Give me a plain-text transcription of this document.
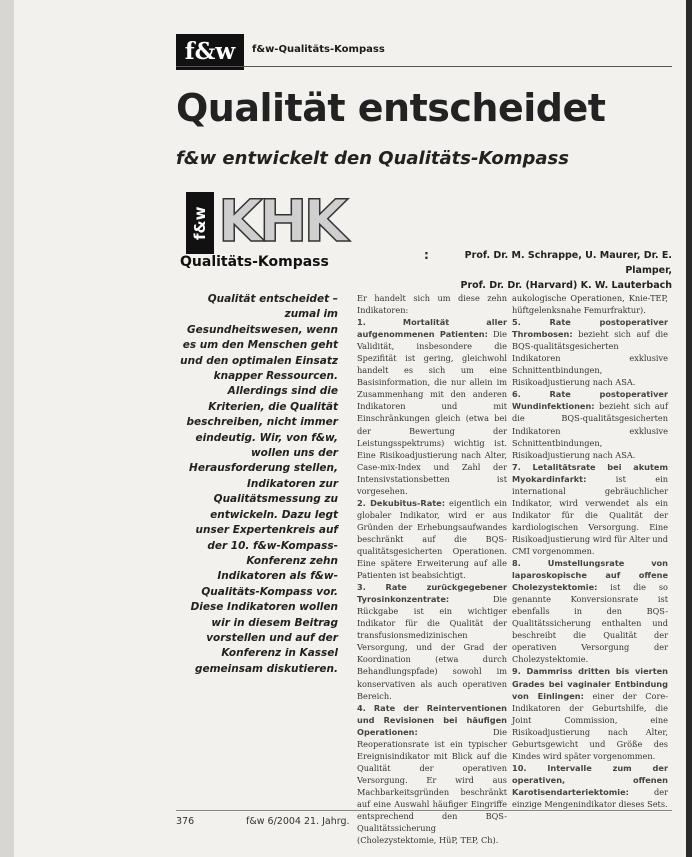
f&w	f&w-Qualitäts-Kompass
Qualität entscheidet
f&w entwickelt den Qualitäts-Kompass
f&w KHK
Qualitäts-Kompass	:	Prof. Dr. M. Schrappe, U. Maurer, Dr. E. Plamper,
Prof. Dr. Dr. (Harvard) K. W. Lauterbach
Qualität entscheidet – zumal im Gesundheitswesen, wenn es um den Menschen geht und den optimalen Einsatz knapper Ressourcen. Allerdings sind die Kriterien, die Qualität beschreiben, nicht immer eindeutig. Wir, von f&w, wollen uns der Herausforderung stellen, Indikatoren zur Qualitätsmessung zu entwickeln. Dazu legt unser Expertenkreis auf der 10. f&w-Kompass-Konferenz zehn Indikatoren als f&w-Qualitäts-Kompass vor. Diese Indikatoren wollen wir in diesem Beitrag vorstellen und auf der Konferenz in Kassel gemeinsam diskutieren.

Er handelt sich um diese zehn Indikatoren:

1. Mortalität aller aufgenommenen Patienten: Die Validität, insbesondere die Spezifität ist gering, gleichwohl handelt es sich um eine Basisinformation, die nur allein im Zusammenhang mit den anderen Indikatoren und mit Einschränkungen gleich (etwa bei der Bewertung der Leistungsspektrums) wichtig ist. Eine Risikoadjustierung nach Alter, Case-mix-Index und Zahl der Intensivstationsbetten ist vorgesehen.

2. Dekubitus-Rate: eigentlich ein globaler Indikator, wird er aus Gründen der Erhebungsaufwandes beschränkt auf die BQS-qualitätsgesicherten Operationen. Eine spätere Erweiterung auf alle Patienten ist beabsichtigt.

3. Rate zurückgegebener Tyrosinkonzentrate: Die Rückgabe ist ein wichtiger Indikator für die Qualität der transfusionsmedizinischen Versorgung, und der Grad der Koordination (etwa durch Behandlungspfade) sowohl im konservativen als auch operativen Bereich.

4. Rate der Reinterventionen und Revisionen bei häufigen Operationen: Die Reoperationsrate ist ein typischer Ereignisindikator mit Blick auf die Qualität der operativen Versorgung. Er wird aus Machbarkeitsgründen beschränkt auf eine Auswahl häufiger Eingriffe entsprechend den BQS-Qualitätssicherung (Cholezystektomie, HüP, TEP, Ch).

aukologische Operationen, Knie-TEP, hüftgelenksnahe Femurfraktur).

5. Rate postoperativer Thrombosen: bezieht sich auf die BQS-qualitätsgesicherten Indikatoren exklusive Schnittentbindungen, Risikoadjustierung nach ASA.

6. Rate postoperativer Wundinfektionen: bezieht sich auf die BQS-qualitätsgesicherten Indikatoren exklusive Schnittentbindungen, Risikoadjustierung nach ASA.

7. Letalitätsrate bei akutem Myokardinfarkt: ist ein international gebräuchlicher Indikator, wird verwendet als ein Indikator für die Qualität der kardiologischen Versorgung. Eine Risikoadjustierung wird für Alter und CMI vorgenommen.

8. Umstellungsrate von laparoskopische auf offene Cholezystektomie: ist die so genannte Konversionsrate ist ebenfalls in den BQS-Qualitätssicherung enthalten und beschreibt die Qualität der operativen Versorgung der Cholezystektomie.

9. Dammriss dritten bis vierten Grades bei vaginaler Entbindung von Einlingen: einer der Core-Indikatoren der Geburtshilfe, die Joint Commission, eine Risikoadjustierung nach Alter, Geburtsgewicht und Größe des Kindes wird später vorgenommen.

10. Intervalle zum der operativen, offenen Karotisendarteriektomie: der einzige Mengenindikator dieses Sets.

376	f&w 6/2004 21. Jahrg.
